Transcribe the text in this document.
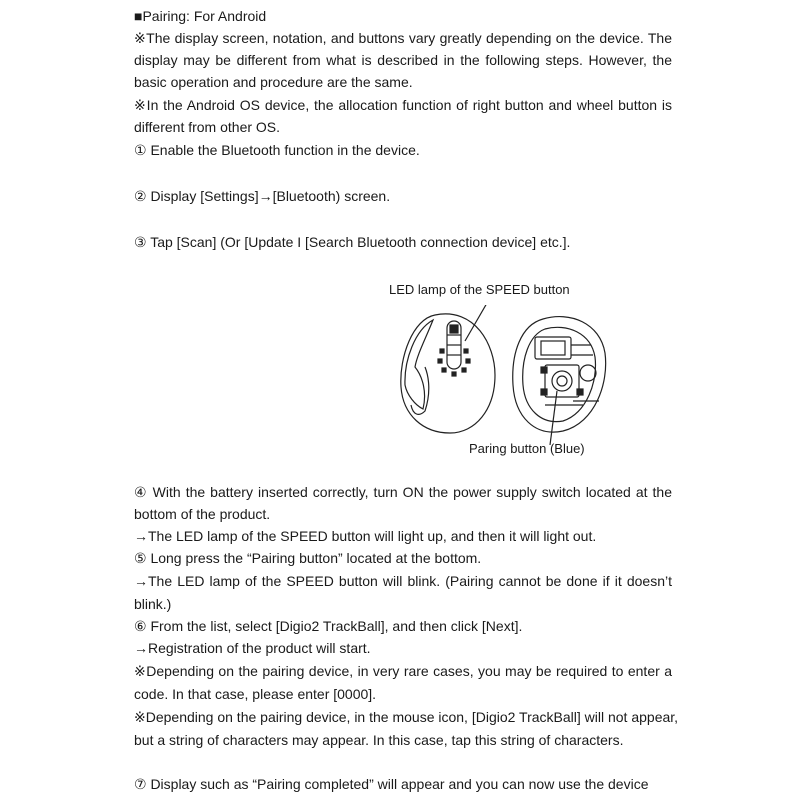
■Pairing: For Android
※The display screen, notation, and buttons vary greatly depending on the device. The
display may be different from what is described in the following steps. However, the
basic operation and procedure are the same.
※In the Android OS device, the allocation function of right button and wheel button is
different from other OS.
① Enable the Bluetooth function in the device.
② Display [Settings]→[Bluetooth) screen.
③ Tap [Scan] (Or [Update I [Search Bluetooth connection device] etc.].
LED lamp of the SPEED button
Paring button (Blue)
④ With the battery inserted correctly, turn ON the power supply switch located at the
bottom of the product.
→The LED lamp of the SPEED button will light up, and then it will light out.
⑤ Long press the “Pairing button” located at the bottom.
→The LED lamp of the SPEED button will blink. (Pairing cannot be done if it doesn’t
blink.)
⑥ From the list, select [Digio2 TrackBall], and then click [Next].
→Registration of the product will start.
※Depending on the pairing device, in very rare cases, you may be required to enter a
code. In that case, please enter [0000].
※Depending on the pairing device, in the mouse icon, [Digio2 TrackBall] will not appear,
but a string of characters may appear. In this case, tap this string of characters.
⑦ Display such as “Pairing completed” will appear and you can now use the device
